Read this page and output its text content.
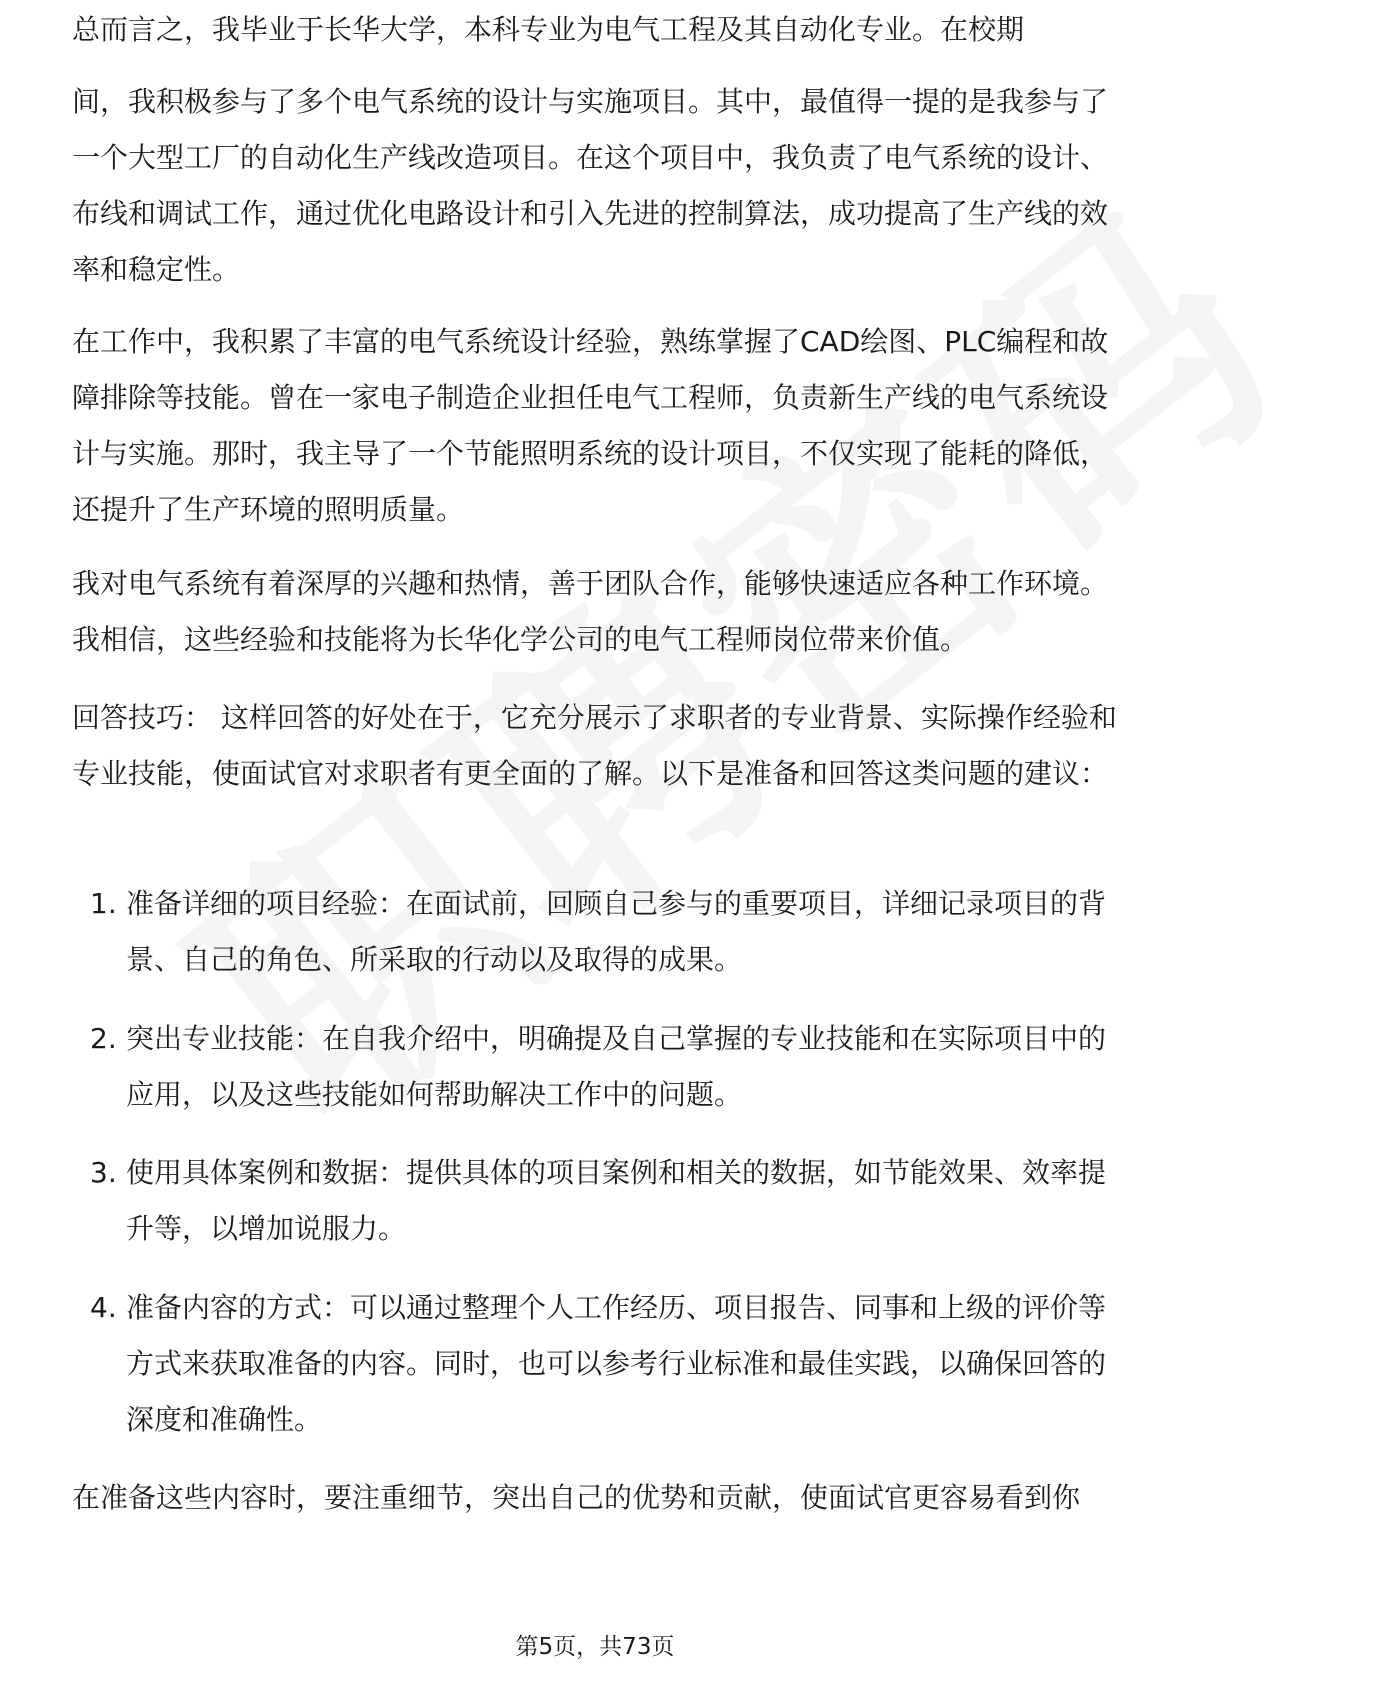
总而言之，我毕业于长华大学，本科专业为电气工程及其自动化专业。在校期

间，我积极参与了多个电气系统的设计与实施项目。其中，最值得一提的是我参与了一个大型工厂的自动化生产线改造项目。在这个项目中，我负责了电气系统的设计、布线和调试工作，通过优化电路设计和引入先进的控制算法，成功提高了生产线的效率和稳定性。

在工作中，我积累了丰富的电气系统设计经验，熟练掌握了CAD绘图、PLC编程和故障排除等技能。曾在一家电子制造企业担任电气工程师，负责新生产线的电气系统设计与实施。那时，我主导了一个节能照明系统的设计项目，不仅实现了能耗的降低，还提升了生产环境的照明质量。

我对电气系统有着深厚的兴趣和热情，善于团队合作，能够快速适应各种工作环境。我相信，这些经验和技能将为长华化学公司的电气工程师岗位带来价值。

回答技巧： 这样回答的好处在于，它充分展示了求职者的专业背景、实际操作经验和专业技能，使面试官对求职者有更全面的了解。以下是准备和回答这类问题的建议：

1. 准备详细的项目经验：在面试前，回顾自己参与的重要项目，详细记录项目的背景、自己的角色、所采取的行动以及取得的成果。
2. 突出专业技能：在自我介绍中，明确提及自己掌握的专业技能和在实际项目中的应用，以及这些技能如何帮助解决工作中的问题。
3. 使用具体案例和数据：提供具体的项目案例和相关的数据，如节能效果、效率提升等，以增加说服力。
4. 准备内容的方式：可以通过整理个人工作经历、项目报告、同事和上级的评价等方式来获取准备的内容。同时，也可以参考行业标准和最佳实践，以确保回答的深度和准确性。

在准备这些内容时，要注重细节，突出自己的优势和贡献，使面试官更容易看到你

第5页，共73页
